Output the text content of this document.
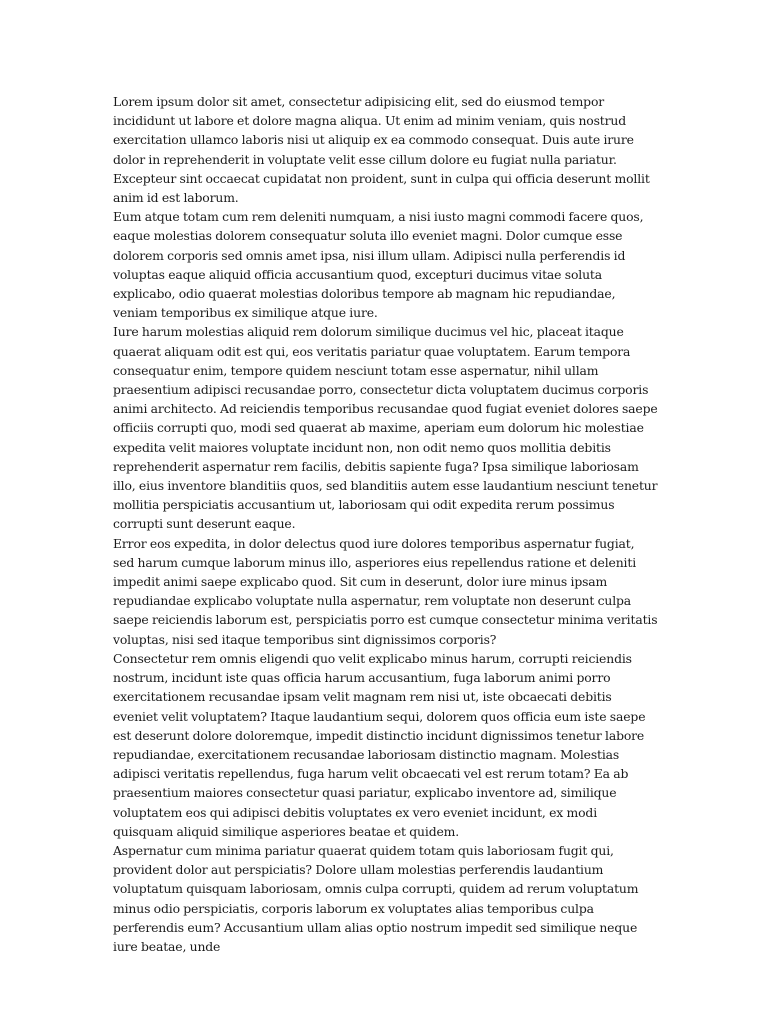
Lorem ipsum dolor sit amet, consectetur adipisicing elit, sed do eiusmod tempor incididunt ut labore et dolore magna aliqua. Ut enim ad minim veniam, quis nostrud exercitation ullamco laboris nisi ut aliquip ex ea commodo consequat. Duis aute irure dolor in reprehenderit in voluptate velit esse cillum dolore eu fugiat nulla pariatur. Excepteur sint occaecat cupidatat non proident, sunt in culpa qui officia deserunt mollit anim id est laborum.

Eum atque totam cum rem deleniti numquam, a nisi iusto magni commodi facere quos, eaque molestias dolorem consequatur soluta illo eveniet magni. Dolor cumque esse dolorem corporis sed omnis amet ipsa, nisi illum ullam. Adipisci nulla perferendis id voluptas eaque aliquid officia accusantium quod, excepturi ducimus vitae soluta explicabo, odio quaerat molestias doloribus tempore ab magnam hic repudiandae, veniam temporibus ex similique atque iure.

Iure harum molestias aliquid rem dolorum similique ducimus vel hic, placeat itaque quaerat aliquam odit est qui, eos veritatis pariatur quae voluptatem. Earum tempora consequatur enim, tempore quidem nesciunt totam esse aspernatur, nihil ullam praesentium adipisci recusandae porro, consectetur dicta voluptatem ducimus corporis animi architecto. Ad reiciendis temporibus recusandae quod fugiat eveniet dolores saepe officiis corrupti quo, modi sed quaerat ab maxime, aperiam eum dolorum hic molestiae expedita velit maiores voluptate incidunt non, non odit nemo quos mollitia debitis reprehenderit aspernatur rem facilis, debitis sapiente fuga? Ipsa similique laboriosam illo, eius inventore blanditiis quos, sed blanditiis autem esse laudantium nesciunt tenetur mollitia perspiciatis accusantium ut, laboriosam qui odit expedita rerum possimus corrupti sunt deserunt eaque.

Error eos expedita, in dolor delectus quod iure dolores temporibus aspernatur fugiat, sed harum cumque laborum minus illo, asperiores eius repellendus ratione et deleniti impedit animi saepe explicabo quod. Sit cum in deserunt, dolor iure minus ipsam repudiandae explicabo voluptate nulla aspernatur, rem voluptate non deserunt culpa saepe reiciendis laborum est, perspiciatis porro est cumque consectetur minima veritatis voluptas, nisi sed itaque temporibus sint dignissimos corporis?

Consectetur rem omnis eligendi quo velit explicabo minus harum, corrupti reiciendis nostrum, incidunt iste quas officia harum accusantium, fuga laborum animi porro exercitationem recusandae ipsam velit magnam rem nisi ut, iste obcaecati debitis eveniet velit voluptatem? Itaque laudantium sequi, dolorem quos officia eum iste saepe est deserunt dolore doloremque, impedit distinctio incidunt dignissimos tenetur labore repudiandae, exercitationem recusandae laboriosam distinctio magnam. Molestias adipisci veritatis repellendus, fuga harum velit obcaecati vel est rerum totam? Ea ab praesentium maiores consectetur quasi pariatur, explicabo inventore ad, similique voluptatem eos qui adipisci debitis voluptates ex vero eveniet incidunt, ex modi quisquam aliquid similique asperiores beatae et quidem.

Aspernatur cum minima pariatur quaerat quidem totam quis laboriosam fugit qui, provident dolor aut perspiciatis? Dolore ullam molestias perferendis laudantium voluptatum quisquam laboriosam, omnis culpa corrupti, quidem ad rerum voluptatum minus odio perspiciatis, corporis laborum ex voluptates alias temporibus culpa perferendis eum? Accusantium ullam alias optio nostrum impedit sed similique neque iure beatae, unde
